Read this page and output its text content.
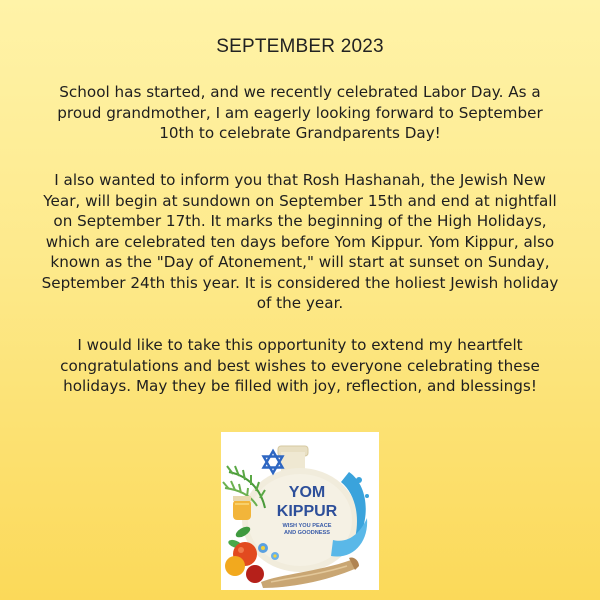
SEPTEMBER 2023
School has started, and we recently celebrated Labor Day. As a proud grandmother, I am eagerly looking forward to September 10th to celebrate Grandparents Day!
I also wanted to inform you that Rosh Hashanah, the Jewish New Year, will begin at sundown on September 15th and end at nightfall on September 17th. It marks the beginning of the High Holidays, which are celebrated ten days before Yom Kippur. Yom Kippur, also known as the "Day of Atonement," will start at sunset on Sunday, September 24th this year. It is considered the holiest Jewish holiday of the year.
I would like to take this opportunity to extend my heartfelt congratulations and best wishes to everyone celebrating these holidays. May they be filled with joy, reflection, and blessings!
YOM
KIPPUR
WISH YOU PEACE
AND GOODNESS
